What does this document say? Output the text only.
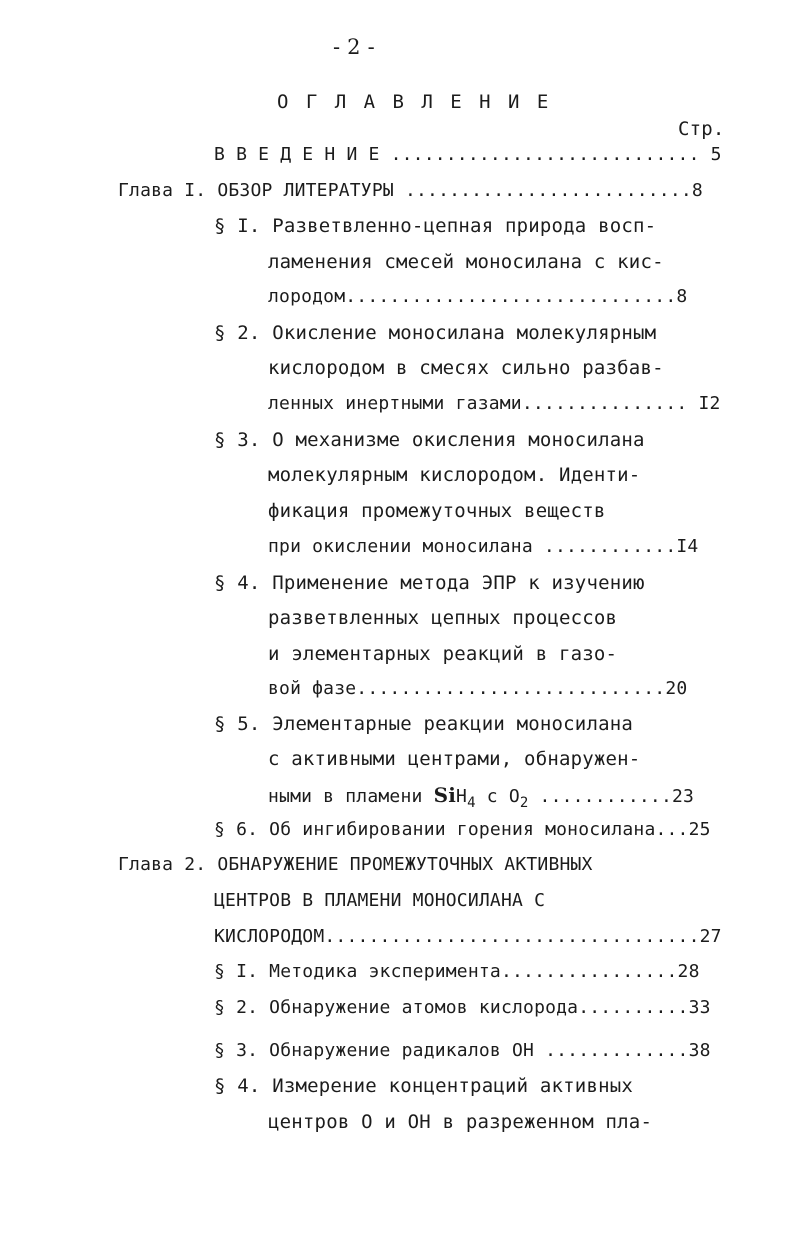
- 2 -
О Г Л А В Л Е Н И Е
Стр.
В В Е Д Е Н И Е ............................ 5
Глава I. ОБЗОР ЛИТЕРАТУРЫ ..........................8
§ I. Разветвленно-цепная природа восп-
ламенения смесей моносилана с кис-
лородом..............................8
§ 2. Окисление моносилана молекулярным
кислородом в смесях сильно разбав-
ленных инертными газами............... I2
§ 3. О механизме окисления моносилана
молекулярным кислородом. Иденти-
фикация промежуточных веществ
при окислении моносилана ............I4
§ 4. Применение метода ЭПР к изучению
разветвленных цепных процессов
и элементарных реакций в газо-
вой фазе............................20
§ 5. Элементарные реакции моносилана
с активными центрами, обнаружен-
ными в пламени SiH$_4$ с $O_2$ ............23
§ 6. Об ингибировании горения моносилана...25
Глава 2. ОБНАРУЖЕНИЕ ПРОМЕЖУТОЧНЫХ АКТИВНЫХ
ЦЕНТРОВ В ПЛАМЕНИ МОНОСИЛАНА С
КИСЛОРОДОМ..................................27
§ I. Методика эксперимента................28
§ 2. Обнаружение атомов кислорода..........33
§ 3. Обнаружение радикалов ОН .............38
§ 4. Измерение концентраций активных
центров О и ОН в разреженном пла-
